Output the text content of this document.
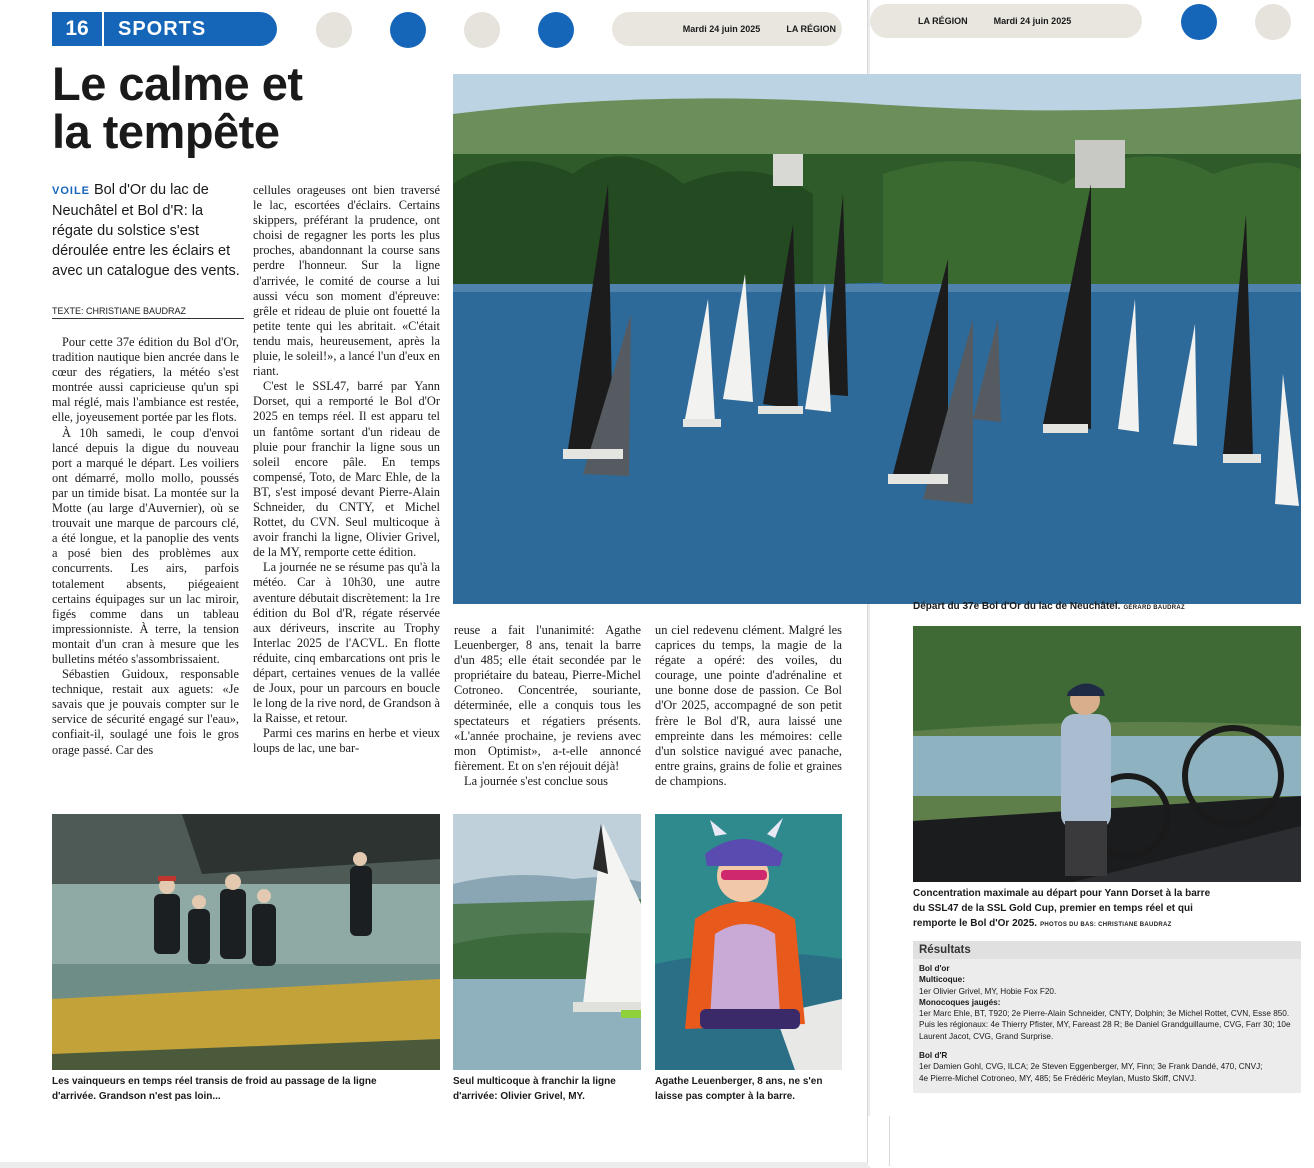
16	SPORTS	Mardi 24 juin 2025	LA RÉGION
LA RÉGION	Mardi 24 juin 2025
Le calme et
la tempête
VOILE Bol d'Or du lac de Neuchâtel et Bol d'R: la régate du solstice s'est déroulée entre les éclairs et avec un catalogue des vents.
TEXTE: CHRISTIANE BAUDRAZ

Pour cette 37e édition du Bol d'Or, tradition nautique bien ancrée dans le cœur des régatiers, la météo s'est montrée aussi capricieuse qu'un spi mal réglé, mais l'ambiance est restée, elle, joyeusement portée par les flots.

À 10h samedi, le coup d'envoi lancé depuis la digue du nouveau port a marqué le départ. Les voiliers ont démarré, mollo mollo, poussés par un timide bisat. La montée sur la Motte (au large d'Auvernier), où se trouvait une marque de parcours clé, a été longue, et la panoplie des vents a posé bien des problèmes aux concurrents. Les airs, parfois totalement absents, piégeaient certains équipages sur un lac miroir, figés comme dans un tableau impressionniste. À terre, la tension montait d'un cran à mesure que les bulletins météo s'assombrissaient.

Sébastien Guidoux, responsable technique, restait aux aguets: «Je savais que je pouvais compter sur le service de sécurité engagé sur l'eau», confiait-il, soulagé une fois le gros orage passé. Car des

cellules orageuses ont bien traversé le lac, escortées d'éclairs. Certains skippers, préférant la prudence, ont choisi de regagner les ports les plus proches, abandonnant la course sans perdre l'honneur. Sur la ligne d'arrivée, le comité de course a lui aussi vécu son moment d'épreuve: grêle et rideau de pluie ont fouetté la petite tente qui les abritait. «C'était tendu mais, heureusement, après la pluie, le soleil!», a lancé l'un d'eux en riant.

C'est le SSL47, barré par Yann Dorset, qui a remporté le Bol d'Or 2025 en temps réel. Il est apparu tel un fantôme sortant d'un rideau de pluie pour franchir la ligne sous un soleil encore pâle. En temps compensé, Toto, de Marc Ehle, de la BT, s'est imposé devant Pierre-Alain Schneider, du CNTY, et Michel Rottet, du CVN. Seul multicoque à avoir franchi la ligne, Olivier Grivel, de la MY, remporte cette édition.

La journée ne se résume pas qu'à la météo. Car à 10h30, une autre aventure débutait discrètement: la 1re édition du Bol d'R, régate réservée aux dériveurs, inscrite au Trophy Interlac 2025 de l'ACVL. En flotte réduite, cinq embarcations ont pris le départ, certaines venues de la vallée de Joux, pour un parcours en boucle le long de la rive nord, de Grandson à la Raisse, et retour.

Parmi ces marins en herbe et vieux loups de lac, une bar-

reuse a fait l'unanimité: Agathe Leuenberger, 8 ans, tenait la barre d'un 485; elle était secondée par le propriétaire du bateau, Pierre-Michel Cotroneo. Concentrée, souriante, déterminée, elle a conquis tous les spectateurs et régatiers présents. «L'année prochaine, je reviens avec mon Optimist», a-t-elle annoncé fièrement. Et on s'en réjouit déjà!

La journée s'est conclue sous

un ciel redevenu clément. Malgré les caprices du temps, la magie de la régate a opéré: des voiles, du courage, une pointe d'adrénaline et une bonne dose de passion. Ce Bol d'Or 2025, accompagné de son petit frère le Bol d'R, aura laissé une empreinte dans les mémoires: celle d'un solstice navigué avec panache, entre grains, grains de folie et graines de champions.

Les vainqueurs en temps réel transis de froid au passage de la ligne d'arrivée. Grandson n'est pas loin...
Seul multicoque à franchir la ligne d'arrivée: Olivier Grivel, MY.
Agathe Leuenberger, 8 ans, ne s'en laisse pas compter à la barre.
Départ du 37e Bol d'Or du lac de Neuchâtel. GÉRARD BAUDRAZ
Concentration maximale au départ pour Yann Dorset à la barre du SSL47 de la SSL Gold Cup, premier en temps réel et qui remporte le Bol d'Or 2025. PHOTOS DU BAS: CHRISTIANE BAUDRAZ
Résultats
Bol d'or
Multicoque:
1er Olivier Grivel, MY, Hobie Fox F20.
Monocoques jaugés:
1er Marc Ehle, BT, T920; 2e Pierre-Alain Schneider, CNTY, Dolphin; 3e Michel Rottet, CVN, Esse 850.
Puis les régionaux: 4e Thierry Pfister, MY, Fareast 28 R; 8e Daniel Grandguillaume, CVG, Farr 30; 10e Laurent Jacot, CVG, Grand Surprise.
Bol d'R
1er Damien Gohl, CVG, ILCA; 2e Steven Eggenberger, MY, Finn; 3e Frank Dandé, 470, CNVJ;
4e Pierre-Michel Cotroneo, MY, 485; 5e Frédéric Meylan, Musto Skiff, CNVJ.
